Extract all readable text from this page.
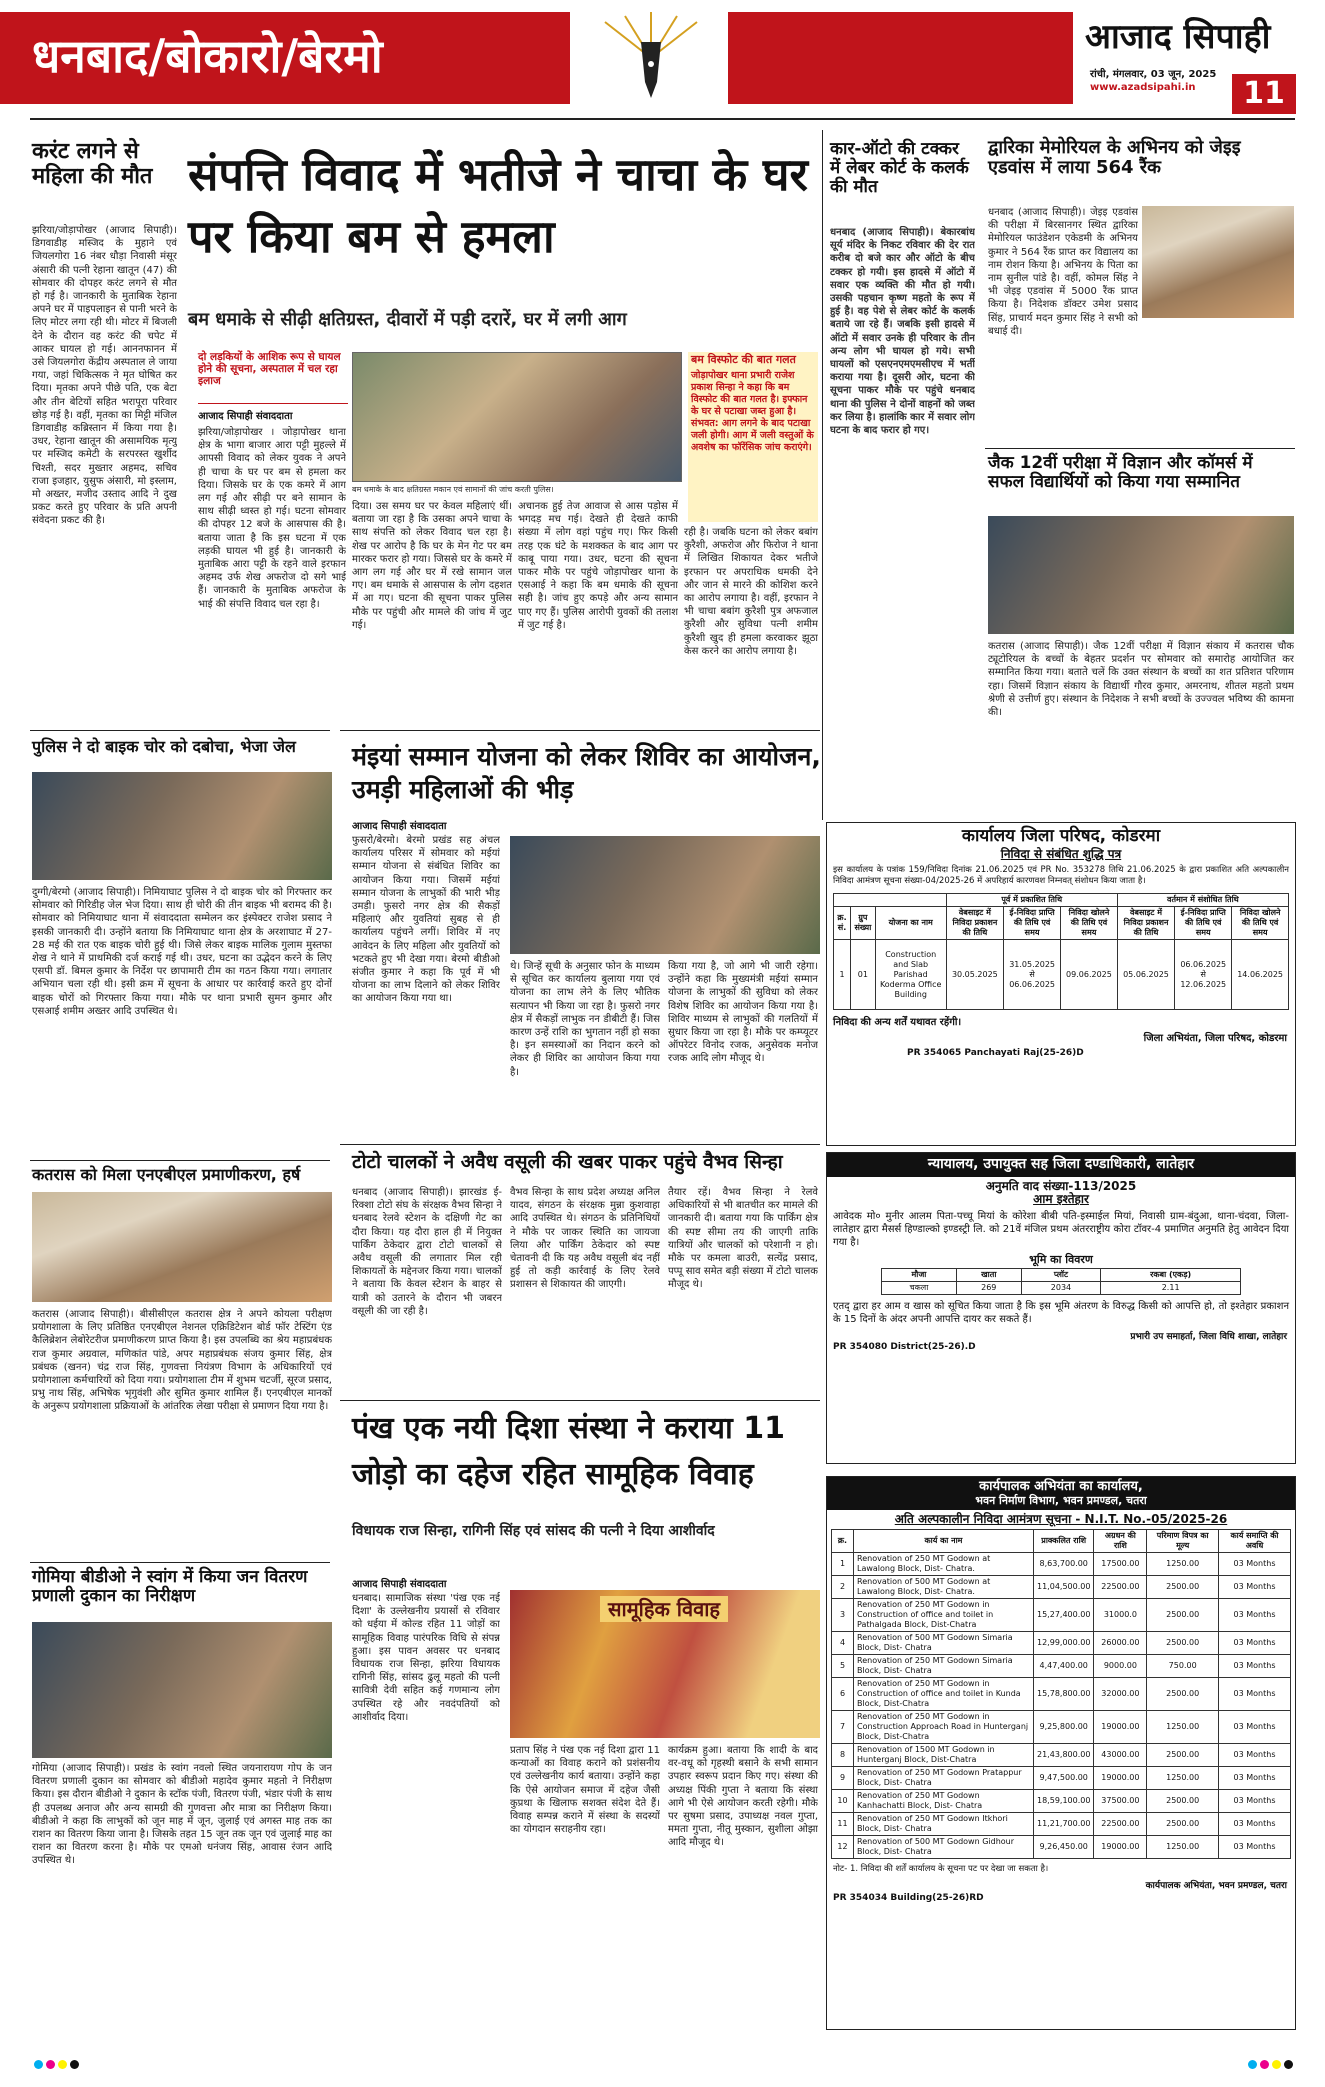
धनबाद/बोकारो/बेरमो	आजाद सिपाही
रांची, मंगलवार, 03 जून, 2025
www.azadsipahi.in	11
करंट लगने से महिला की मौत
झरिया/जोड़ापोखर (आजाद सिपाही)। डिगवाडीह मस्जिद के मुहाने एवं जियलगोरा 16 नंबर धौड़ा निवासी मंसूर अंसारी की पत्नी रेहाना खातून (47) की सोमवार की दोपहर करंट लगने से मौत हो गई है। जानकारी के मुताबिक रेहाना अपने घर में पाइपलाइन से पानी भरने के लिए मोटर लगा रही थी। मोटर में बिजली देने के दौरान वह करंट की चपेट में आकर घायल हो गई। आननफानन में उसे जियलगोरा केंद्रीय अस्पताल ले जाया गया, जहां चिकित्सक ने मृत घोषित कर दिया। मृतका अपने पीछे पति, एक बेटा और तीन बेटियों सहित भरापूरा परिवार छोड़ गई है। वहीं, मृतका का मिट्टी मंजिल डिगवाडीह कब्रिस्तान में किया गया है। उधर, रेहाना खातून की असामयिक मृत्यु पर मस्जिद कमेटी के सरपरस्त खुर्शीद चिश्ती, सदर मुख्तार अहमद, सचिव राजा इजहार, युसुफ अंसारी, मो इस्लाम, मो अख्तर, मजीद उस्ताद आदि ने दुख प्रकट करते हुए परिवार के प्रति अपनी संवेदना प्रकट की है।
पुलिस ने दो बाइक चोर को दबोचा, भेजा जेल
दुग्गी/बेरमो (आजाद सिपाही)। निमियाघाट पुलिस ने दो बाइक चोर को गिरफ्तार कर सोमवार को गिरिडीह जेल भेज दिया। साथ ही चोरी की तीन बाइक भी बरामद की है। सोमवार को निमियाघाट थाना में संवाददाता सम्मेलन कर इंस्पेक्टर राजेश प्रसाद ने इसकी जानकारी दी। उन्होंने बताया कि निमियाघाट थाना क्षेत्र के अरशाघाट में 27-28 मई की रात एक बाइक चोरी हुई थी। जिसे लेकर बाइक मालिक गुलाम मुस्तफा शेख ने थाने में प्राथमिकी दर्ज कराई गई थी। उधर, घटना का उद्भेदन करने के लिए एसपी डॉ. बिमल कुमार के निर्देश पर छापामारी टीम का गठन किया गया। लगातार अभियान चला रही थी। इसी क्रम में सूचना के आधार पर कार्रवाई करते हुए दोनों बाइक चोरों को गिरफ्तार किया गया। मौके पर थाना प्रभारी सुमन कुमार और एसआई शमीम अख्तर आदि उपस्थित थे।
कतरास को मिला एनएबीएल प्रमाणीकरण, हर्ष
कतरास (आजाद सिपाही)। बीसीसीएल कतरास क्षेत्र ने अपने कोयला परीक्षण प्रयोगशाला के लिए प्रतिष्ठित एनएबीएल नेशनल एक्रिडिटेशन बोर्ड फॉर टेस्टिंग एंड कैलिब्रेशन लेबोरेटरीज प्रमाणीकरण प्राप्त किया है। इस उपलब्धि का श्रेय महाप्रबंधक राज कुमार अग्रवाल, मणिकांत पांडे, अपर महाप्रबंधक संजय कुमार सिंह, क्षेत्र प्रबंधक (खनन) चंद्र राज सिंह, गुणवत्ता नियंत्रण विभाग के अधिकारियों एवं प्रयोगशाला कर्मचारियों को दिया गया। प्रयोगशाला टीम में शुभम चटर्जी, सूरज प्रसाद, प्रभु नाथ सिंह, अभिषेक भृगुवंशी और सुमित कुमार शामिल हैं। एनएबीएल मानकों के अनुरूप प्रयोगशाला प्रक्रियाओं के आंतरिक लेखा परीक्षा से प्रमाणन दिया गया है।
गोमिया बीडीओ ने स्वांग में किया जन वितरण प्रणाली दुकान का निरीक्षण
गोमिया (आजाद सिपाही)। प्रखंड के स्वांग नवलो स्थित जयनारायण गोप के जन वितरण प्रणाली दुकान का सोमवार को बीडीओ महादेव कुमार महतो ने निरीक्षण किया। इस दौरान बीडीओ ने दुकान के स्टॉक पंजी, वितरण पंजी, भंडार पंजी के साथ ही उपलब्ध अनाज और अन्य सामग्री की गुणवत्ता और मात्रा का निरीक्षण किया। बीडीओ ने कहा कि लाभुकों को जून माह में जून, जुलाई एवं अगस्त माह तक का राशन का वितरण किया जाना है। जिसके तहत 15 जून तक जून एवं जुलाई माह का राशन का वितरण करना है। मौके पर एमओ धनंजय सिंह, आवास रंजन आदि उपस्थित थे।
संपत्ति विवाद में भतीजे ने चाचा के घर पर किया बम से हमला
बम धमाके से सीढ़ी क्षतिग्रस्त, दीवारों में पड़ी दरारें, घर में लगी आग
दो लड़कियों के आशिक रूप से घायल होने की सूचना, अस्पताल में चल रहा इलाज
आजाद सिपाही संवाददाता
झरिया/जोड़ापोखर । जोड़ापोखर थाना क्षेत्र के भागा बाजार आरा पट्टी मुहल्ले में आपसी विवाद को लेकर युवक ने अपने ही चाचा के घर पर बम से हमला कर दिया। जिसके घर के एक कमरे में आग लग गई और सीढ़ी पर बने सामान के साथ सीढ़ी ध्वस्त हो गई। घटना सोमवार की दोपहर 12 बजे के आसपास की है। बताया जाता है कि इस घटना में एक लड़की घायल भी हुई है। जानकारी के मुताबिक आरा पट्टी के रहने वाले इरफान अहमद उर्फ शेख अफरोज दो सगे भाई हैं। जानकारी के मुताबिक अफरोज के भाई की संपत्ति विवाद चल रहा है।
बम धमाके के बाद क्षतिग्रस्त मकान एवं सामानों की जांच करती पुलिस।
बम विस्फोट की बात गलत
जोड़ापोखर थाना प्रभारी राजेश प्रकाश सिन्हा ने कहा कि बम विस्फोट की बात गलत है। इफ्फान के घर से पटाखा जब्त हुआ है। संभवत: आग लगने के बाद पटाखा जली होगी। आग में जली वस्तुओं के अवशेष का फॉरेंसिक जांच कराएंगे।
दिया। उस समय घर पर केवल महिलाएं थीं। बताया जा रहा है कि उसका अपने चाचा के साथ संपत्ति को लेकर विवाद चल रहा है। शेख पर आरोप है कि घर के मेन गेट पर बम मारकर फरार हो गया। जिससे घर के कमरे में आग लग गई और घर में रखे सामान जल गए। बम धमाके से आसपास के लोग दहशत में आ गए। घटना की सूचना पाकर पुलिस मौके पर पहुंची और मामले की जांच में जुट गई।
अचानक हुई तेज आवाज से आस पड़ोस में भगदड़ मच गई। देखते ही देखते काफी संख्या में लोग वहां पहुंच गए। फिर किसी तरह एक घंटे के मशक्कत के बाद आग पर काबू पाया गया। उधर, घटना की सूचना पाकर मौके पर पहुंचे जोड़ापोखर थाना के एसआई ने कहा कि बम धमाके की सूचना सही है। जांच हुए कपड़े और अन्य सामान पाए गए हैं। पुलिस आरोपी युवकों की तलाश में जुट गई है।
रही है। जबकि घटना को लेकर बबांग कुरैशी, अफरोज और फिरोज ने थाना में लिखित शिकायत देकर भतीजे इरफान पर अपराधिक धमकी देने और जान से मारने की कोशिश करने का आरोप लगाया है। वहीं, इरफान ने भी चाचा बबांग कुरैशी पुत्र अफजाल कुरैशी और सुविधा पत्नी शमीम कुरैशी खुद ही हमला करवाकर झूठा केस करने का आरोप लगाया है।
मंइयां सम्मान योजना को लेकर शिविर का आयोजन, उमड़ी महिलाओं की भीड़
आजाद सिपाही संवाददाता
फुसरो/बेरमो। बेरमो प्रखंड सह अंचल कार्यालय परिसर में सोमवार को मईयां सम्मान योजना से संबंधित शिविर का आयोजन किया गया। जिसमें मईयां सम्मान योजना के लाभुकों की भारी भीड़ उमड़ी। फुसरो नगर क्षेत्र की सैकड़ों महिलाएं और युवतियां सुबह से ही कार्यालय पहुंचने लगीं। शिविर में नए आवेदन के लिए महिला और युवतियों को भटकते हुए भी देखा गया। बेरमो बीडीओ संजीत कुमार ने कहा कि पूर्व में भी योजना का लाभ दिलाने को लेकर शिविर का आयोजन किया गया था।
थे। जिन्हें सूची के अनुसार फोन के माध्यम से सूचित कर कार्यालय बुलाया गया एवं योजना का लाभ लेने के लिए भौतिक सत्यापन भी किया जा रहा है। फुसरो नगर क्षेत्र में सैकड़ों लाभुक नन डीबीटी हैं। जिस कारण उन्हें राशि का भुगतान नहीं हो सका है। इन समस्याओं का निदान करने को लेकर ही शिविर का आयोजन किया गया है।
किया गया है, जो आगे भी जारी रहेगा। उन्होंने कहा कि मुख्यमंत्री मईयां सम्मान योजना के लाभुकों की सुविधा को लेकर विशेष शिविर का आयोजन किया गया है। शिविर माध्यम से लाभुकों की गलतियों में सुधार किया जा रहा है। मौके पर कम्प्यूटर ऑपरेटर विनोद रजक, अनुसेवक मनोज रजक आदि लोग मौजूद थे।
टोटो चालकों ने अवैध वसूली की खबर पाकर पहुंचे वैभव सिन्हा
धनबाद (आजाद सिपाही)। झारखंड ई-रिक्शा टोटो संघ के संरक्षक वैभव सिन्हा ने धनबाद रेलवे स्टेशन के दक्षिणी गेट का दौरा किया। यह दौरा हाल ही में नियुक्त पार्किंग ठेकेदार द्वारा टोटो चालकों से अवैध वसूली की लगातार मिल रही शिकायतों के मद्देनजर किया गया। चालकों ने बताया कि केवल स्टेशन के बाहर से यात्री को उतारने के दौरान भी जबरन वसूली की जा रही है।
वैभव सिन्हा के साथ प्रदेश अध्यक्ष अनिल यादव, संगठन के संरक्षक मुन्ना कुशवाहा आदि उपस्थित थे। संगठन के प्रतिनिधियों ने मौके पर जाकर स्थिति का जायजा लिया और पार्किंग ठेकेदार को स्पष्ट चेतावनी दी कि यह अवैध वसूली बंद नहीं हुई तो कड़ी कार्रवाई के लिए रेलवे प्रशासन से शिकायत की जाएगी।
तैयार रहें। वैभव सिन्हा ने रेलवे अधिकारियों से भी बातचीत कर मामले की जानकारी दी। बताया गया कि पार्किंग क्षेत्र की स्पष्ट सीमा तय की जाएगी ताकि यात्रियों और चालकों को परेशानी न हो। मौके पर कमला बाउरी, सत्येंद्र प्रसाद, पप्पू साव समेत बड़ी संख्या में टोटो चालक मौजूद थे।
पंख एक नयी दिशा संस्था ने कराया 11 जोड़ो का दहेज रहित सामूहिक विवाह
विधायक राज सिन्हा, रागिनी सिंह एवं सांसद की पत्नी ने दिया आशीर्वाद
आजाद सिपाही संवाददाता
धनबाद। सामाजिक संस्था 'पंख एक नई दिशा' के उल्लेखनीय प्रयासों से रविवार को धईया में कोल्ड रहित 11 जोड़ों का सामूहिक विवाह पारंपरिक विधि से संपन्न हुआ। इस पावन अवसर पर धनबाद विधायक राज सिन्हा, झरिया विधायक रागिनी सिंह, सांसद ढुलू महतो की पत्नी सावित्री देवी सहित कई गणमान्य लोग उपस्थित रहे और नवदंपतियों को आशीर्वाद दिया।
सामूहिक विवाह
प्रताप सिंह ने पंख एक नई दिशा द्वारा 11 कन्याओं का विवाह कराने को प्रशंसनीय एवं उल्लेखनीय कार्य बताया। उन्होंने कहा कि ऐसे आयोजन समाज में दहेज जैसी कुप्रथा के खिलाफ सशक्त संदेश देते हैं। विवाह सम्पन्न कराने में संस्था के सदस्यों का योगदान सराहनीय रहा।
कार्यक्रम हुआ। बताया कि शादी के बाद वर-वधू को गृहस्थी बसाने के सभी सामान उपहार स्वरूप प्रदान किए गए। संस्था की अध्यक्ष पिंकी गुप्ता ने बताया कि संस्था आगे भी ऐसे आयोजन करती रहेगी। मौके पर सुषमा प्रसाद, उपाध्यक्ष नवल गुप्ता, ममता गुप्ता, नीतू मुस्कान, सुशीला ओझा आदि मौजूद थे।
कार-ऑटो की टक्कर में लेबर कोर्ट के कलर्क की मौत
धनबाद (आजाद सिपाही)। बेकारबांध सूर्य मंदिर के निकट रविवार की देर रात करीब दो बजे कार और ऑटो के बीच टक्कर हो गयी। इस हादसे में ऑटो में सवार एक व्यक्ति की मौत हो गयी। उसकी पहचान कृष्ण महतो के रूप में हुई है। वह पेशे से लेबर कोर्ट के कलर्क बताये जा रहे हैं। जबकि इसी हादसे में ऑटो में सवार उनके ही परिवार के तीन अन्य लोग भी घायल हो गये। सभी घायलों को एसएनएमएमसीएच में भर्ती कराया गया है। दूसरी ओर, घटना की सूचना पाकर मौके पर पहुंचे धनबाद थाना की पुलिस ने दोनों वाहनों को जब्त कर लिया है। हालांकि कार में सवार लोग घटना के बाद फरार हो गए।
द्वारिका मेमोरियल के अभिनय को जेइइ एडवांस में लाया 564 रैंक
धनबाद (आजाद सिपाही)। जेइइ एडवांस की परीक्षा में बिरसानगर स्थित द्वारिका मेमोरियल फाउंडेशन एकेडमी के अभिनय कुमार ने 564 रैंक प्राप्त कर विद्यालय का नाम रोशन किया है। अभिनय के पिता का नाम सुनील पांडे है। वहीं, कोमल सिंह ने भी जेइइ एडवांस में 5000 रैंक प्राप्त किया है। निदेशक डॉक्टर उमेश प्रसाद सिंह, प्राचार्य मदन कुमार सिंह ने सभी को बधाई दी।
जैक 12वीं परीक्षा में विज्ञान और कॉमर्स में सफल विद्यार्थियों को किया गया सम्मानित
कतरास (आजाद सिपाही)। जैक 12वीं परीक्षा में विज्ञान संकाय में कतरास चौक ट्यूटोरियल के बच्चों के बेहतर प्रदर्शन पर सोमवार को समारोह आयोजित कर सम्मानित किया गया। बताते चलें कि उक्त संस्थान के बच्चों का शत प्रतिशत परिणाम रहा। जिसमें विज्ञान संकाय के विद्यार्थी गौरव कुमार, अमरनाथ, शीतल महतो प्रथम श्रेणी से उत्तीर्ण हुए। संस्थान के निदेशक ने सभी बच्चों के उज्ज्वल भविष्य की कामना की।
कार्यालय जिला परिषद, कोडरमा
निविदा से संबंधित शुद्धि पत्र
इस कार्यालय के पत्रांक 159/निविदा दिनांक 21.06.2025 एवं PR No. 353278 तिथि 21.06.2025 के द्वारा प्रकाशित अति अल्पकालीन निविदा आमंत्रण सूचना संख्या-04/2025-26 में अपरिहार्य कारणवश निम्नवत् संशोधन किया जाता है।
			पूर्व में प्रकाशित तिथि			वर्तमान में संशोधित तिथि		
क्र. सं.	ग्रुप संख्या	योजना का नाम	वेबसाइट में निविदा प्रकाशन की तिथि	ई-निविदा प्राप्ति की तिथि एवं समय	निविदा खोलने की तिथि एवं समय	वेबसाइट में निविदा प्रकाशन की तिथि	ई-निविदा प्राप्ति की तिथि एवं समय	निविदा खोलने की तिथि एवं समय
1	01	Construction and Slab Parishad Koderma Office Building	30.05.2025	31.05.2025 से 06.06.2025	09.06.2025	05.06.2025	06.06.2025 से 12.06.2025	14.06.2025
निविदा की अन्य शर्तें यथावत रहेंगी।
जिला अभियंता, जिला परिषद, कोडरमा
PR 354065 Panchayati Raj(25-26)D
न्यायालय, उपायुक्त सह जिला दण्डाधिकारी, लातेहार
अनुमति वाद संख्या-113/2025
आम इश्तेहार
आवेदक मो० मुनीर आलम पिता-पच्चू मियां के कोरेशा बीबी पति-इस्माईल मियां, निवासी ग्राम-बंदुआ, थाना-चंदवा, जिला-लातेहार द्वारा मैसर्स हिण्डाल्को इण्डस्ट्री लि. को 21वें मंजिल प्रथम अंतरराष्ट्रीय कोरा टॉवर-4 प्रमाणित अनुमति हेतु आवेदन दिया गया है।
भूमि का विवरण
मौजा	खाता	प्लॉट	रकबा (एकड़)
चकला	269	2034	2.11
एतद् द्वारा हर आम व खास को सूचित किया जाता है कि इस भूमि अंतरण के विरुद्ध किसी को आपत्ति हो, तो इश्तेहार प्रकाशन के 15 दिनों के अंदर अपनी आपत्ति दायर कर सकते हैं।
प्रभारी उप समाहर्ता, जिला विधि शाखा, लातेहार
PR 354080 District(25-26).D
कार्यपालक अभियंता का कार्यालय,
भवन निर्माण विभाग, भवन प्रमण्डल, चतरा
अति अल्पकालीन निविदा आमंत्रण सूचना - N.I.T. No.-05/2025-26
क्र.	कार्य का नाम	प्राक्कलित राशि	अग्रधन की राशि	परिमाण विपत्र का मूल्य	कार्य समाप्ति की अवधि
1	Renovation of 250 MT Godown at Lawalong Block, Dist- Chatra.	8,63,700.00	17500.00	1250.00	03 Months
2	Renovation of 500 MT Godown at Lawalong Block, Dist- Chatra.	11,04,500.00	22500.00	2500.00	03 Months
3	Renovation of 250 MT Godown in Construction of office and toilet in Pathalgada Block, Dist-Chatra	15,27,400.00	31000.0	2500.00	03 Months
4	Renovation of 500 MT Godown Simaria Block, Dist- Chatra	12,99,000.00	26000.00	2500.00	03 Months
5	Renovation of 250 MT Godown Simaria Block, Dist- Chatra	4,47,400.00	9000.00	750.00	03 Months
6	Renovation of 250 MT Godown in Construction of office and toilet in Kunda Block, Dist-Chatra	15,78,800.00	32000.00	2500.00	03 Months
7	Renovation of 250 MT Godown in Construction Approach Road in Hunterganj Block, Dist-Chatra	9,25,800.00	19000.00	1250.00	03 Months
8	Renovation of 1500 MT Godown in Hunterganj Block, Dist-Chatra	21,43,800.00	43000.00	2500.00	03 Months
9	Renovation of 250 MT Godown Pratappur Block, Dist- Chatra	9,47,500.00	19000.00	1250.00	03 Months
10	Renovation of 250 MT Godown Kanhachatti Block, Dist- Chatra	18,59,100.00	37500.00	2500.00	03 Months
11	Renovation of 250 MT Godown Itkhori Block, Dist- Chatra	11,21,700.00	22500.00	2500.00	03 Months
12	Renovation of 500 MT Godown Gidhour Block, Dist- Chatra	9,26,450.00	19000.00	1250.00	03 Months
नोट- 1. निविदा की शर्तें कार्यालय के सूचना पट पर देखा जा सकता है।
कार्यपालक अभियंता, भवन प्रमण्डल, चतरा
PR 354034 Building(25-26)RD
